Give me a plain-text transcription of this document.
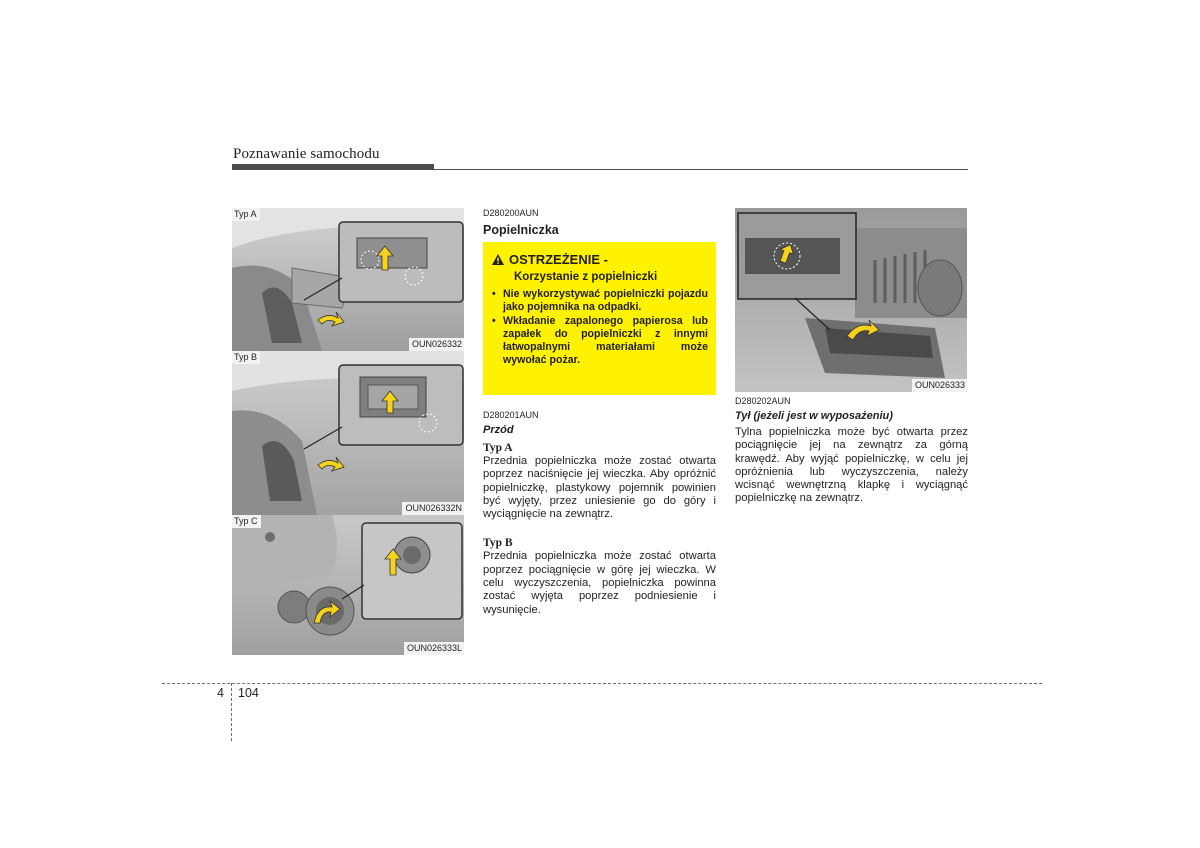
Poznawanie samochodu
Typ A
OUN026332
Typ B
OUN026332N
Typ C
OUN026333L
D280200AUN
Popielniczka
OSTRZEŻENIE -
Korzystanie z popielniczki
• Nie wykorzystywać popielniczki pojazdu jako pojemnika na odpadki.
• Wkładanie zapalonego papierosa lub zapałek do popielniczki z innymi łatwopalnymi materiałami może wywołać pożar.
D280201AUN
Przód
Typ A
Przednia popielniczka może zostać otwarta poprzez naciśnięcie jej wieczka. Aby opróżnić popielniczkę, plastykowy pojemnik powinien być wyjęty, przez uniesienie go do góry i wyciągnięcie na zewnątrz.
Typ B
Przednia popielniczka może zostać otwarta poprzez pociągnięcie w górę jej wieczka. W celu wyczyszczenia, popielniczka powinna zostać wyjęta poprzez podniesienie i wysunięcie.
OUN026333
D280202AUN
Tył (jeżeli jest w wyposażeniu)
Tylna popielniczka może być otwarta przez pociągnięcie jej na zewnątrz za górną krawędź. Aby wyjąć popielniczkę, w celu jej opróżnienia lub wyczyszczenia, należy wcisnąć wewnętrzną klapkę i wyciągnąć popielniczkę na zewnątrz.
4 104
